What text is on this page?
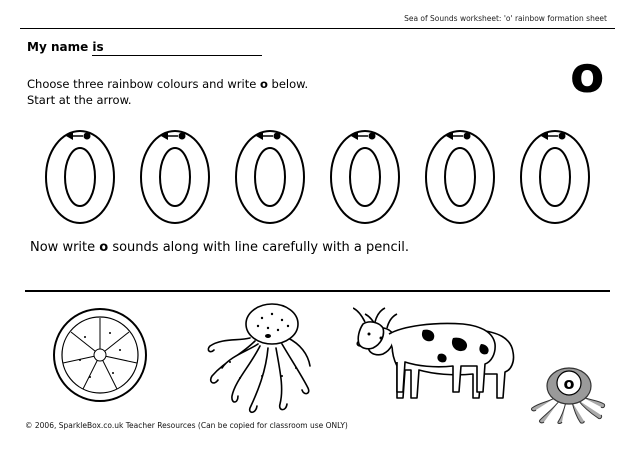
Sea of Sounds worksheet: 'o' rainbow formation sheet
My name is
Choose three rainbow colours and write o below.
Start at the arrow.	o
Now write o sounds along with line carefully with a pencil.
o
© 2006, SparkleBox.co.uk Teacher Resources (Can be copied for classroom use ONLY)
